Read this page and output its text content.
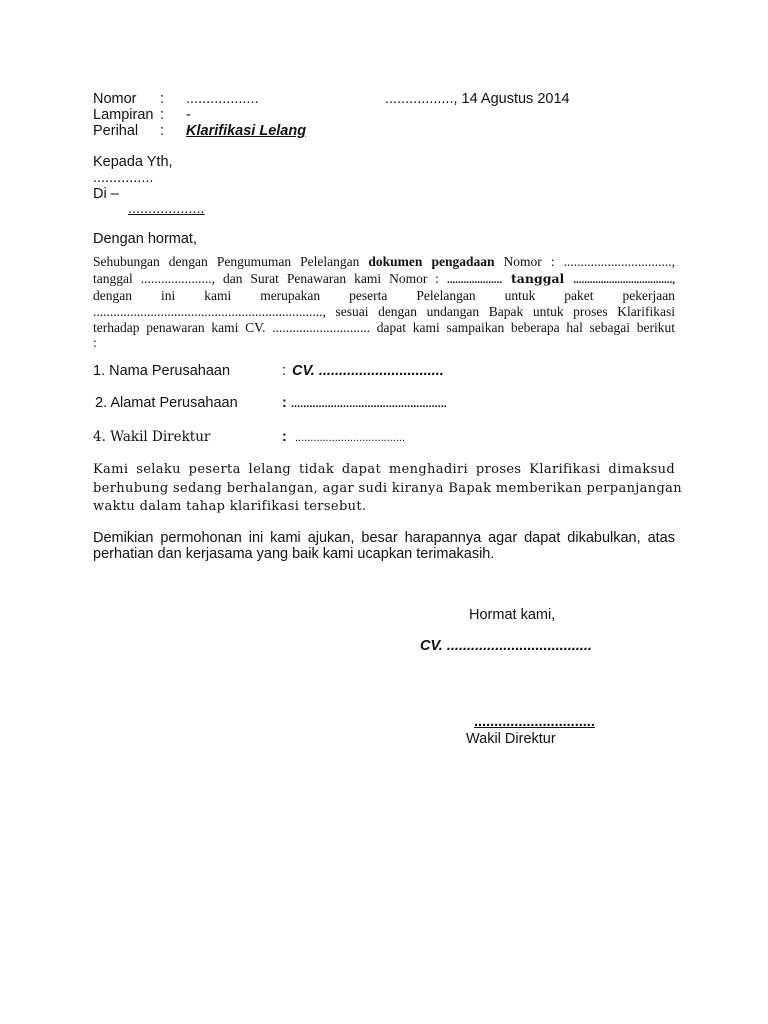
Nomor : ..................	................., 14 Agustus 2014
Lampiran : -
Perihal : Klarifikasi Lelang
Kepada Yth,
...............
Di –
...................
Dengan hormat,
Sehubungan dengan Pengumuman Pelelangan dokumen pengadaan Nomor : ................................,
tanggal ....................., dan Surat Penawaran kami Nomor : .................... tanggal ....................................,
dengan ini kami merupakan peserta Pelelangan untuk paket pekerjaan
...................................................................., sesuai dengan undangan Bapak untuk proses Klarifikasi
terhadap penawaran kami CV. ............................. dapat kami sampaikan beberapa hal sebagai berikut
:
1. Nama Perusahaan	: CV. ...............................
2. Alamat Perusahaan	: ...................................................
4. Wakil Direktur	: ....................................
Kami selaku peserta lelang tidak dapat menghadiri proses Klarifikasi dimaksud
berhubung sedang berhalangan, agar sudi kiranya Bapak memberikan perpanjangan
waktu dalam tahap klarifikasi tersebut.
Demikian permohonan ini kami ajukan, besar harapannya agar dapat dikabulkan, atas
perhatian dan kerjasama yang baik kami ucapkan terimakasih.
Hormat kami,
CV. ....................................
..............................
Wakil Direktur
